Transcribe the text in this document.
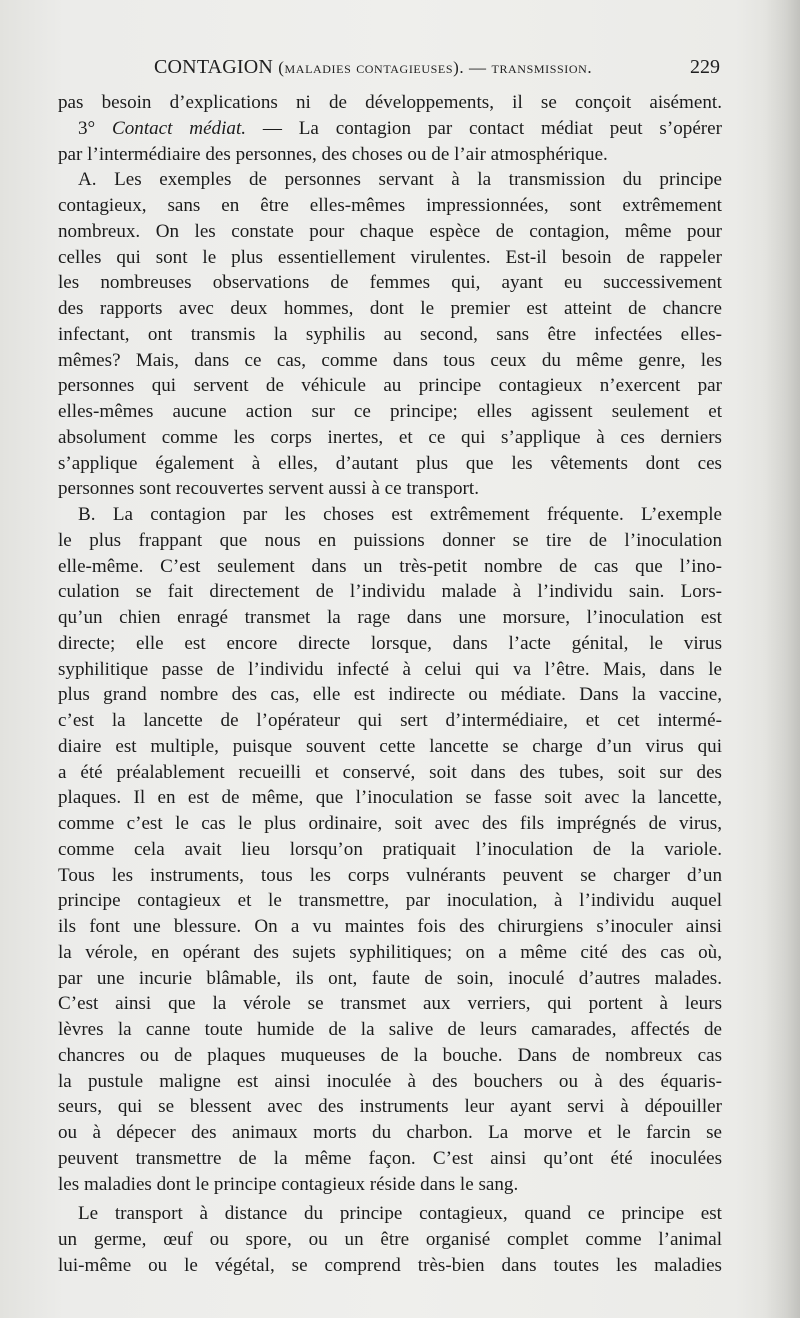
CONTAGION (maladies contagieuses). — transmission.	229
pas besoin d’explications ni de développements, il se conçoit aisément.
3° Contact médiat. — La contagion par contact médiat peut s’opérer
par l’intermédiaire des personnes, des choses ou de l’air atmosphérique.
A. Les exemples de personnes servant à la transmission du principe
contagieux, sans en être elles-mêmes impressionnées, sont extrêmement
nombreux. On les constate pour chaque espèce de contagion, même pour
celles qui sont le plus essentiellement virulentes. Est-il besoin de rappeler
les nombreuses observations de femmes qui, ayant eu successivement
des rapports avec deux hommes, dont le premier est atteint de chancre
infectant, ont transmis la syphilis au second, sans être infectées elles-
mêmes? Mais, dans ce cas, comme dans tous ceux du même genre, les
personnes qui servent de véhicule au principe contagieux n’exercent par
elles-mêmes aucune action sur ce principe; elles agissent seulement et
absolument comme les corps inertes, et ce qui s’applique à ces derniers
s’applique également à elles, d’autant plus que les vêtements dont ces
personnes sont recouvertes servent aussi à ce transport.
B. La contagion par les choses est extrêmement fréquente. L’exemple
le plus frappant que nous en puissions donner se tire de l’inoculation
elle-même. C’est seulement dans un très-petit nombre de cas que l’ino-
culation se fait directement de l’individu malade à l’individu sain. Lors-
qu’un chien enragé transmet la rage dans une morsure, l’inoculation est
directe; elle est encore directe lorsque, dans l’acte génital, le virus
syphilitique passe de l’individu infecté à celui qui va l’être. Mais, dans le
plus grand nombre des cas, elle est indirecte ou médiate. Dans la vaccine,
c’est la lancette de l’opérateur qui sert d’intermédiaire, et cet intermé-
diaire est multiple, puisque souvent cette lancette se charge d’un virus qui
a été préalablement recueilli et conservé, soit dans des tubes, soit sur des
plaques. Il en est de même, que l’inoculation se fasse soit avec la lancette,
comme c’est le cas le plus ordinaire, soit avec des fils imprégnés de virus,
comme cela avait lieu lorsqu’on pratiquait l’inoculation de la variole.
Tous les instruments, tous les corps vulnérants peuvent se charger d’un
principe contagieux et le transmettre, par inoculation, à l’individu auquel
ils font une blessure. On a vu maintes fois des chirurgiens s’inoculer ainsi
la vérole, en opérant des sujets syphilitiques; on a même cité des cas où,
par une incurie blâmable, ils ont, faute de soin, inoculé d’autres malades.
C’est ainsi que la vérole se transmet aux verriers, qui portent à leurs
lèvres la canne toute humide de la salive de leurs camarades, affectés de
chancres ou de plaques muqueuses de la bouche. Dans de nombreux cas
la pustule maligne est ainsi inoculée à des bouchers ou à des équaris-
seurs, qui se blessent avec des instruments leur ayant servi à dépouiller
ou à dépecer des animaux morts du charbon. La morve et le farcin se
peuvent transmettre de la même façon. C’est ainsi qu’ont été inoculées
les maladies dont le principe contagieux réside dans le sang.
Le transport à distance du principe contagieux, quand ce principe est
un germe, œuf ou spore, ou un être organisé complet comme l’animal
lui-même ou le végétal, se comprend très-bien dans toutes les maladies
